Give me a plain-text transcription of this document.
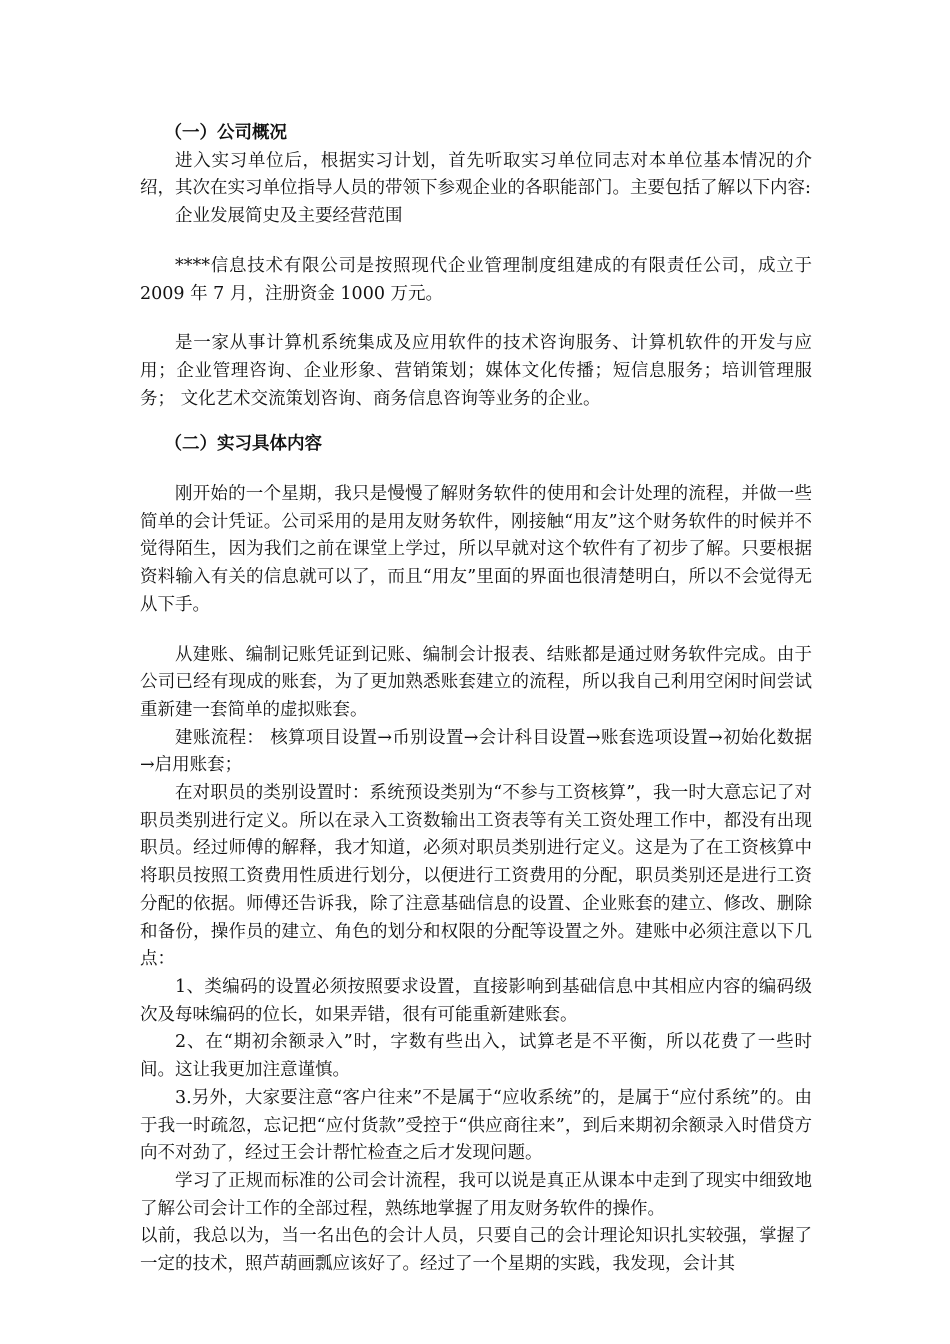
（一）公司概况

进入实习单位后，根据实习计划，首先听取实习单位同志对本单位基本情况的介绍，其次在实习单位指导人员的带领下参观企业的各职能部门。主要包括了解以下内容:

企业发展简史及主要经营范围

****信息技术有限公司是按照现代企业管理制度组建成的有限责任公司，成立于 2009 年 7 月，注册资金 1000 万元。

是一家从事计算机系统集成及应用软件的技术咨询服务、计算机软件的开发与应用；企业管理咨询、企业形象、营销策划；媒体文化传播；短信息服务；培训管理服务； 文化艺术交流策划咨询、商务信息咨询等业务的企业。

（二）实习具体内容

刚开始的一个星期，我只是慢慢了解财务软件的使用和会计处理的流程，并做一些简单的会计凭证。公司采用的是用友财务软件，刚接触“用友”这个财务软件的时候并不觉得陌生，因为我们之前在课堂上学过，所以早就对这个软件有了初步了解。只要根据资料输入有关的信息就可以了，而且“用友”里面的界面也很清楚明白，所以不会觉得无从下手。

从建账、编制记账凭证到记账、编制会计报表、结账都是通过财务软件完成。由于公司已经有现成的账套，为了更加熟悉账套建立的流程，所以我自己利用空闲时间尝试重新建一套简单的虚拟账套。

建账流程： 核算项目设置→币别设置→会计科目设置→账套选项设置→初始化数据→启用账套；

在对职员的类别设置时：系统预设类别为“不参与工资核算”，我一时大意忘记了对职员类别进行定义。所以在录入工资数输出工资表等有关工资处理工作中，都没有出现职员。经过师傅的解释，我才知道，必须对职员类别进行定义。这是为了在工资核算中将职员按照工资费用性质进行划分，以便进行工资费用的分配，职员类别还是进行工资分配的依据。师傅还告诉我，除了注意基础信息的设置、企业账套的建立、修改、删除和备份，操作员的建立、角色的划分和权限的分配等设置之外。建账中必须注意以下几点：

1、类编码的设置必须按照要求设置，直接影响到基础信息中其相应内容的编码级次及每味编码的位长，如果弄错，很有可能重新建账套。

2、在“期初余额录入”时，字数有些出入，试算老是不平衡，所以花费了一些时间。这让我更加注意谨慎。

3.另外，大家要注意“客户往来”不是属于“应收系统”的，是属于“应付系统”的。由于我一时疏忽，忘记把“应付货款”受控于“供应商往来”，到后来期初余额录入时借贷方向不对劲了，经过王会计帮忙检查之后才发现问题。

学习了正规而标准的公司会计流程，我可以说是真正从课本中走到了现实中细致地了解公司会计工作的全部过程，熟练地掌握了用友财务软件的操作。

以前，我总以为，当一名出色的会计人员，只要自己的会计理论知识扎实较强，掌握了一定的技术，照芦葫画瓢应该好了。经过了一个星期的实践，我发现，会计其
